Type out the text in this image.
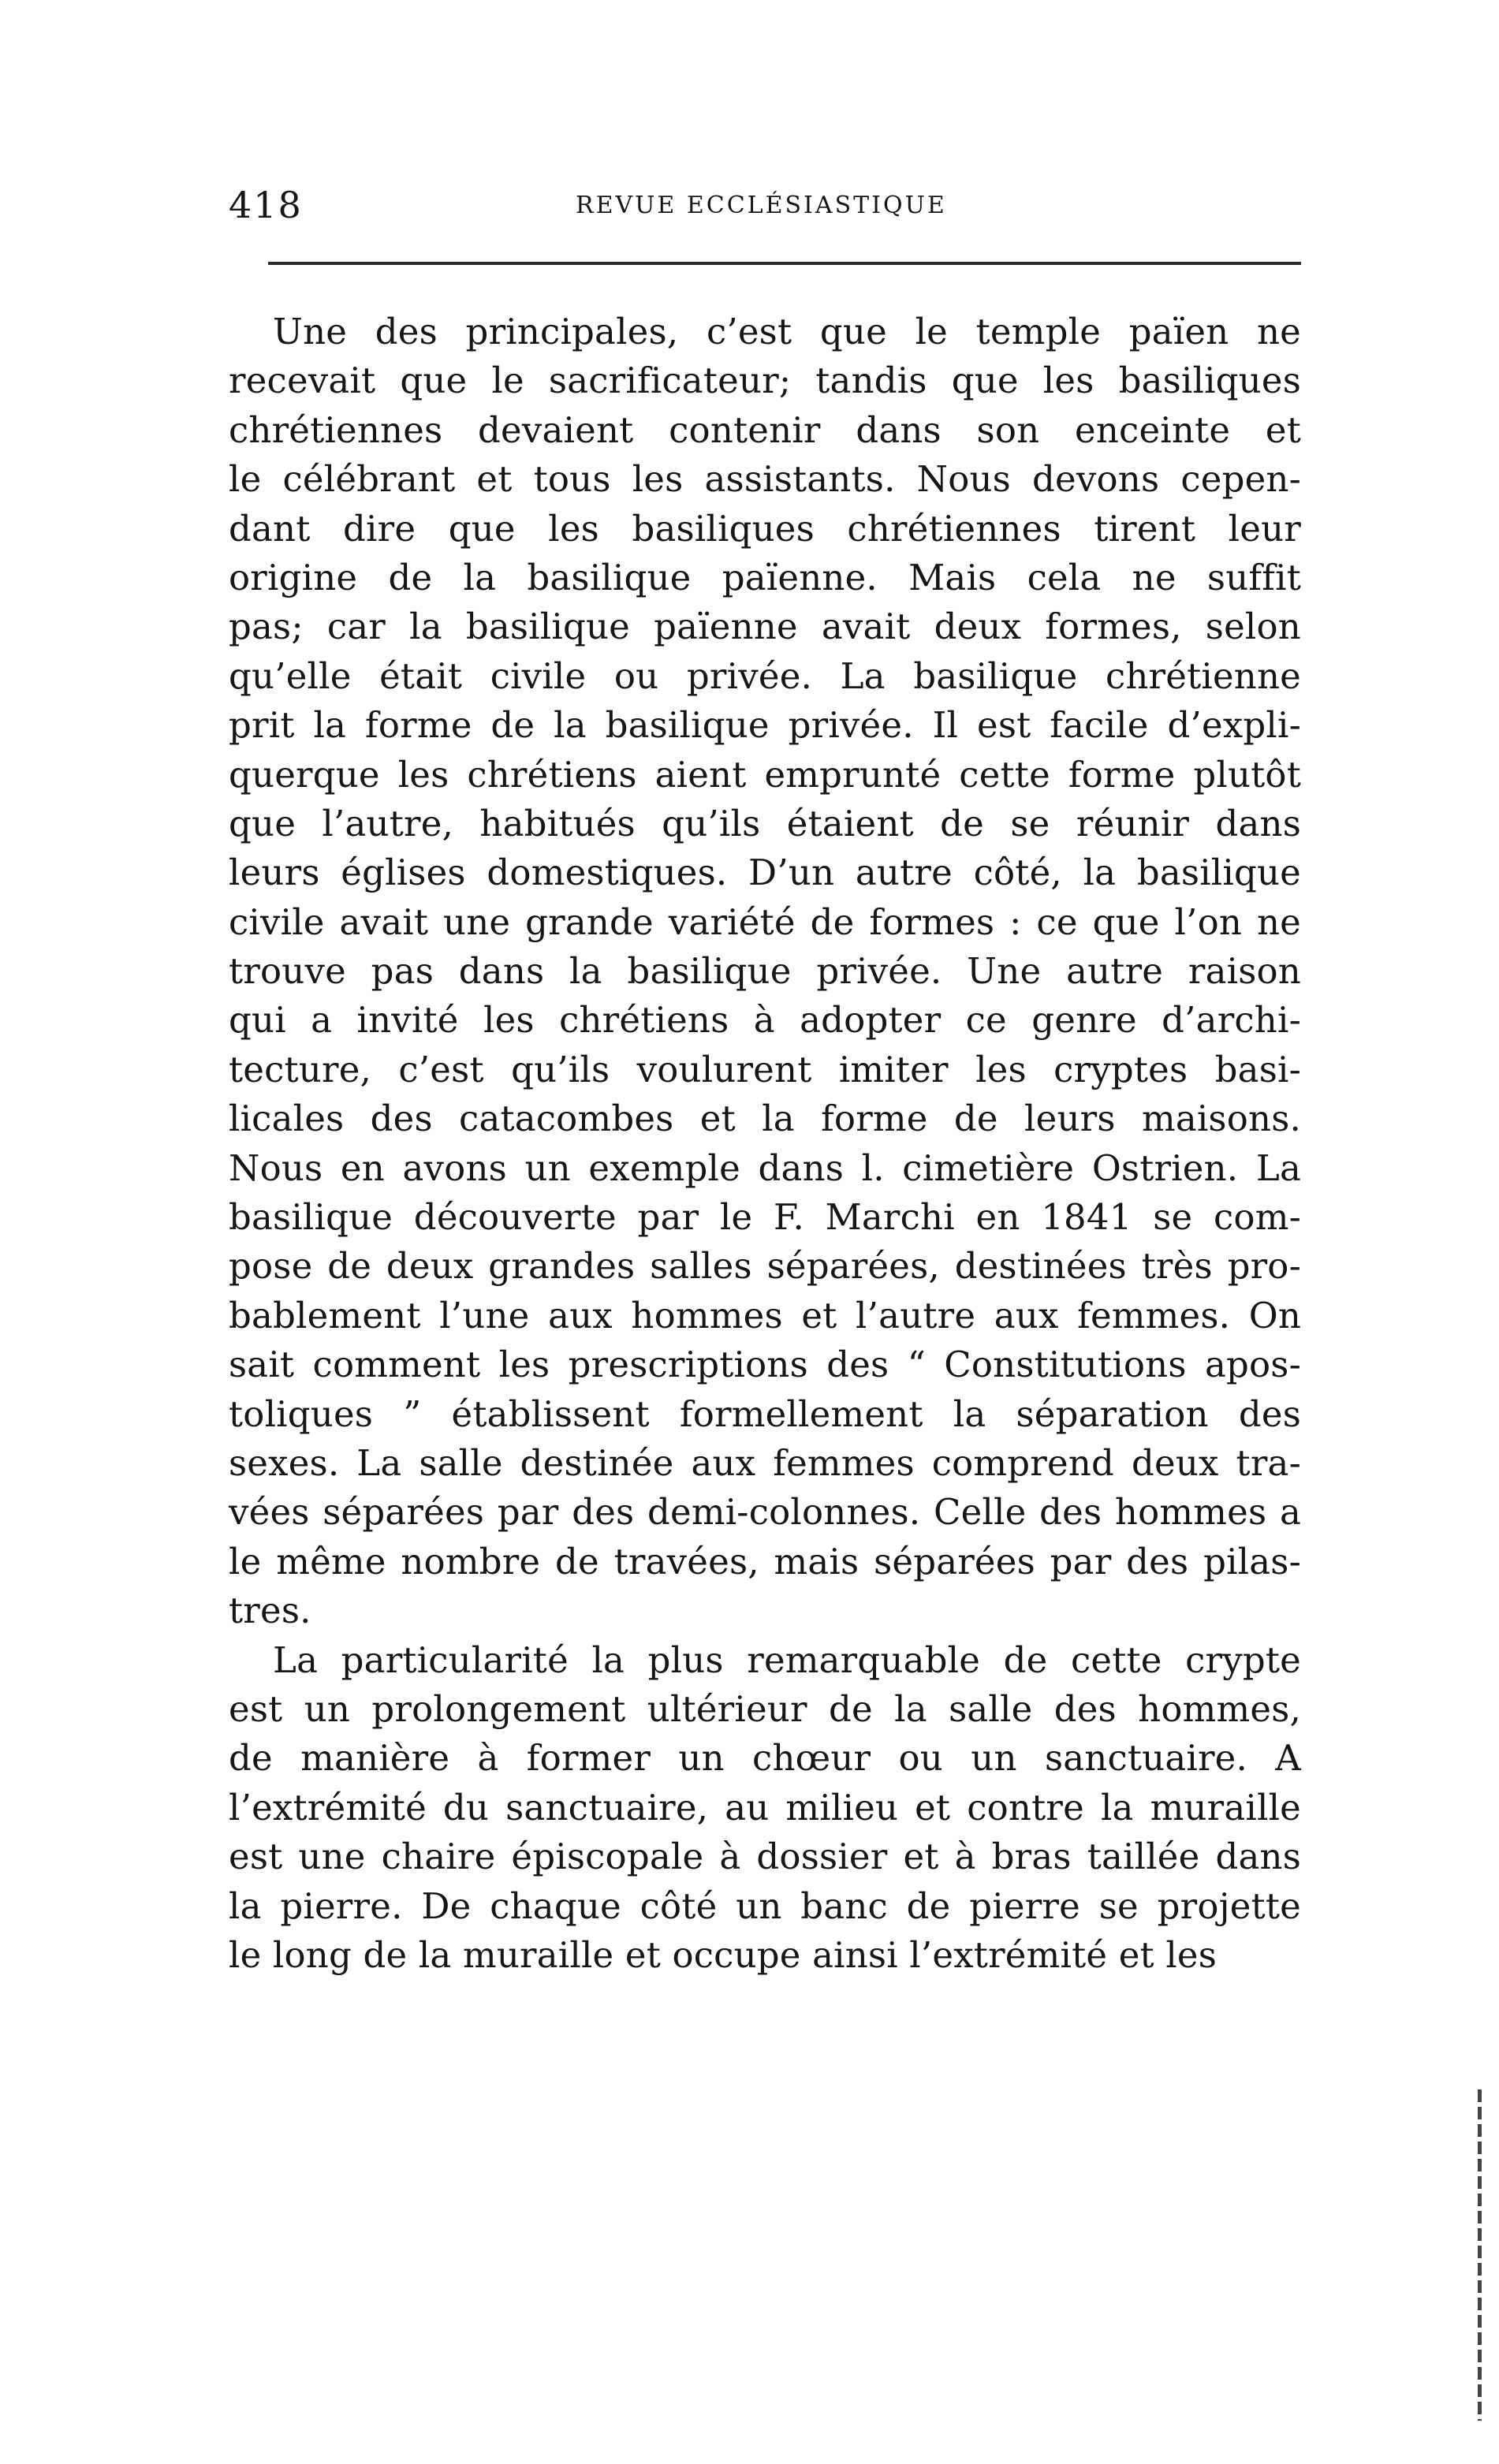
418	REVUE ECCLÉSIASTIQUE
Une des principales, c’est que le temple païen ne
recevait que le sacrificateur; tandis que les basiliques
chrétiennes devaient contenir dans son enceinte et
le célébrant et tous les assistants. Nous devons cepen-
dant dire que les basiliques chrétiennes tirent leur
origine de la basilique païenne. Mais cela ne suffit
pas; car la basilique païenne avait deux formes, selon
qu’elle était civile ou privée. La basilique chrétienne
prit la forme de la basilique privée. Il est facile d’expli-
querque les chrétiens aient emprunté cette forme plutôt
que l’autre, habitués qu’ils étaient de se réunir dans
leurs églises domestiques. D’un autre côté, la basilique
civile avait une grande variété de formes : ce que l’on ne
trouve pas dans la basilique privée. Une autre raison
qui a invité les chrétiens à adopter ce genre d’archi-
tecture, c’est qu’ils voulurent imiter les cryptes basi-
licales des catacombes et la forme de leurs maisons.
Nous en avons un exemple dans l. cimetière Ostrien. La
basilique découverte par le F. Marchi en 1841 se com-
pose de deux grandes salles séparées, destinées très pro-
bablement l’une aux hommes et l’autre aux femmes. On
sait comment les prescriptions des “ Constitutions apos-
toliques ” établissent formellement la séparation des
sexes. La salle destinée aux femmes comprend deux tra-
vées séparées par des demi-colonnes. Celle des hommes a
le même nombre de travées, mais séparées par des pilas-
tres.
La particularité la plus remarquable de cette crypte
est un prolongement ultérieur de la salle des hommes,
de manière à former un chœur ou un sanctuaire. A
l’extrémité du sanctuaire, au milieu et contre la muraille
est une chaire épiscopale à dossier et à bras taillée dans
la pierre. De chaque côté un banc de pierre se projette
le long de la muraille et occupe ainsi l’extrémité et les
